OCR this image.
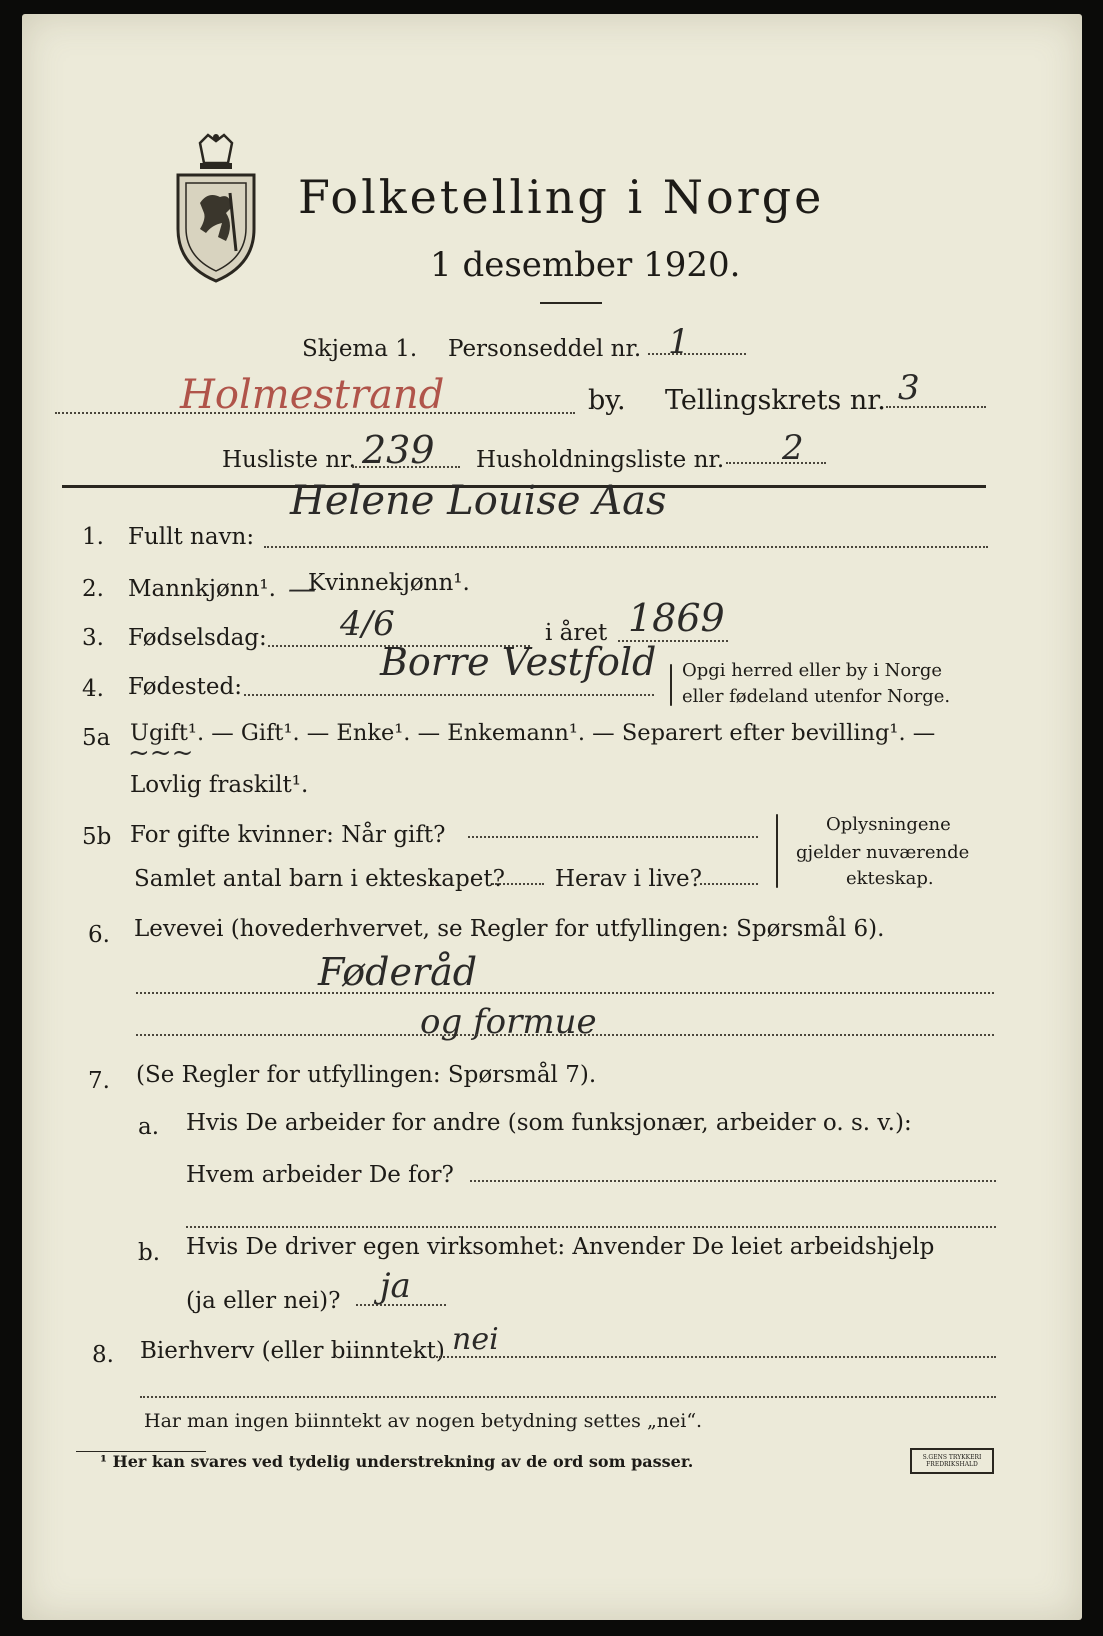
Folketelling i Norge
1 desember 1920.
Skjema 1. Personseddel nr. 1
Holmestrand	by. Tellingskrets nr. 3
Husliste nr. 239 Husholdningsliste nr. 2
1. Fullt navn:
Helene Louise Aas
2. Mannkjønn¹. —
Kvinnekjønn¹.
3. Fødselsdag: 4/6	i året 1869
4. Fødested:
Borre Vestfold Opgi herred eller by i Norge
eller fødeland utenfor Norge.
5a Ugift¹. — Gift¹. — Enke¹. — Enkemann¹. — Separert efter bevilling¹. —
~~~
Lovlig fraskilt¹.
5b For gifte kvinner: Når gift?
Samlet antal barn i ekteskapet? Herav i live?
Oplysningene
gjelder nuværende
ekteskap.
6. Levevei (hovederhvervet, se Regler for utfyllingen: Spørsmål 6).
Føderåd
og formue
7. (Se Regler for utfyllingen: Spørsmål 7).
a. Hvis De arbeider for andre (som funksjonær, arbeider o. s. v.):
Hvem arbeider De for?
b. Hvis De driver egen virksomhet: Anvender De leiet arbeidshjelp
(ja eller nei)? ja
8. Bierhverv (eller biinntekt) nei
Har man ingen biinntekt av nogen betydning settes „nei“.
¹ Her kan svares ved tydelig understrekning av de ord som passer.	S.GENS TRYKKERI FREDRIKSHALD
